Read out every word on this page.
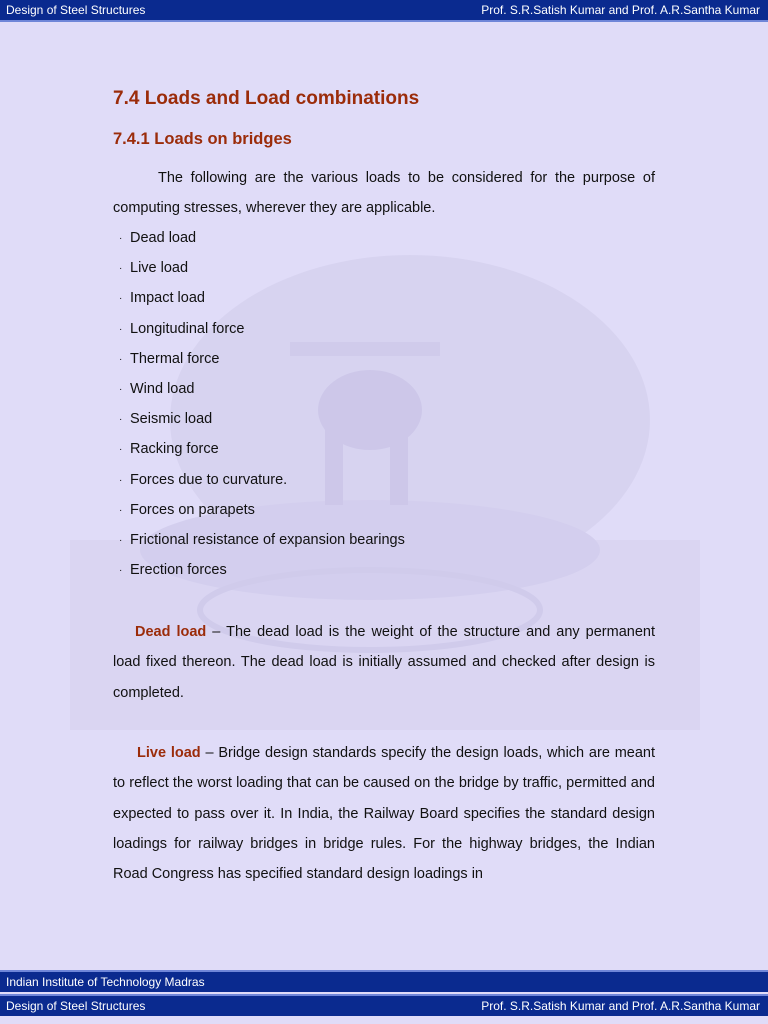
Design of Steel Structures	Prof. S.R.Satish Kumar and Prof. A.R.Santha Kumar
7.4 Loads and Load combinations
7.4.1 Loads on bridges

The following are the various loads to be considered for the purpose of computing stresses, wherever they are applicable.

· Dead load
· Live load
· Impact load
· Longitudinal force
· Thermal force
· Wind load
· Seismic load
· Racking force
· Forces due to curvature.
· Forces on parapets
· Frictional resistance of expansion bearings
· Erection forces

Dead load – The dead load is the weight of the structure and any permanent load fixed thereon. The dead load is initially assumed and checked after design is completed.

Live load – Bridge design standards specify the design loads, which are meant to reflect the worst loading that can be caused on the bridge by traffic, permitted and expected to pass over it. In India, the Railway Board specifies the standard design loadings for railway bridges in bridge rules. For the highway bridges, the Indian Road Congress has specified standard design loadings in

Indian Institute of Technology Madras
Design of Steel Structures	Prof. S.R.Satish Kumar and Prof. A.R.Santha Kumar
